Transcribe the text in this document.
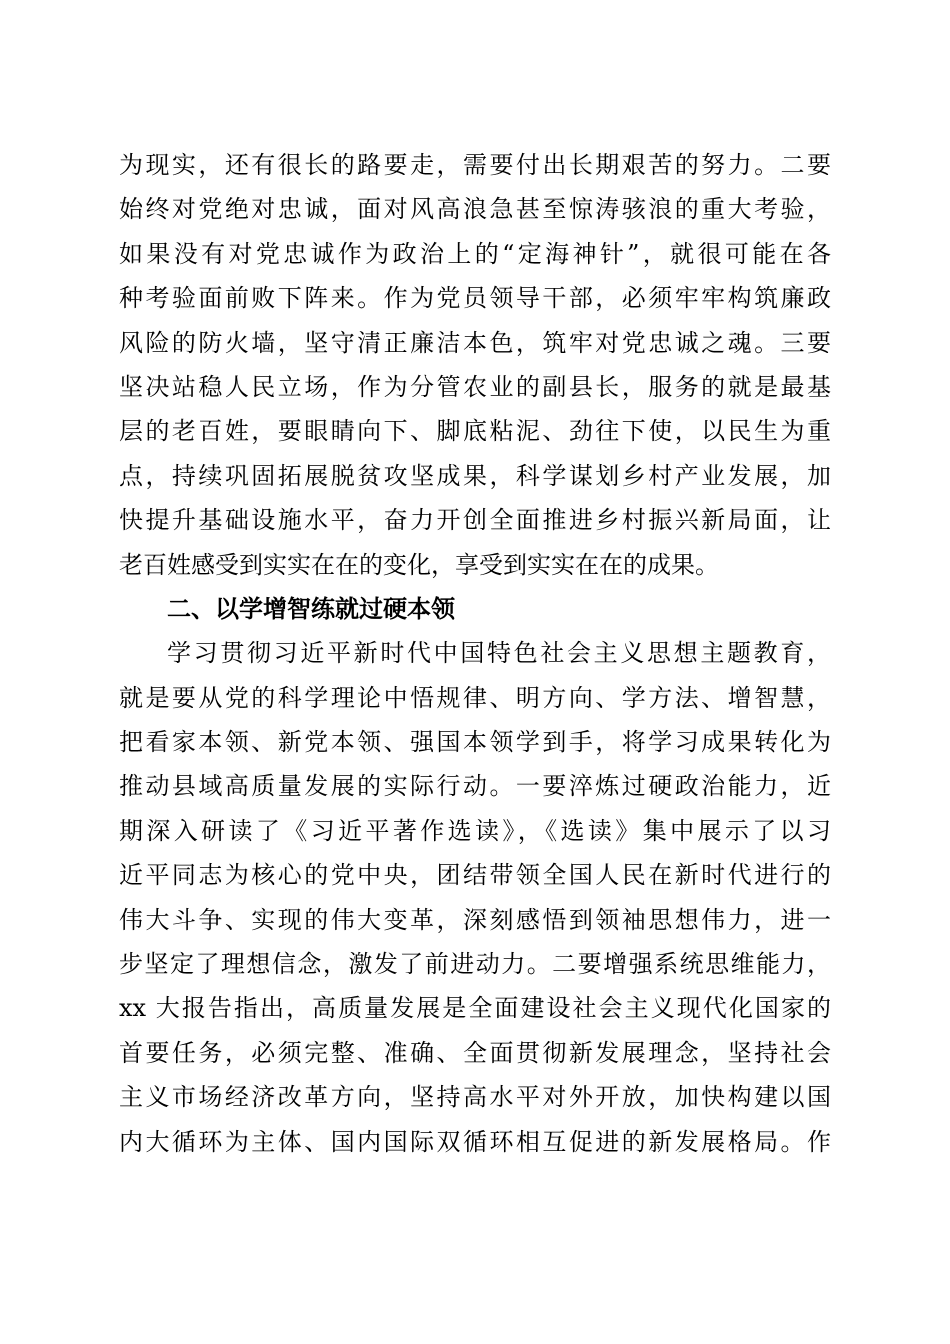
为现实，还有很长的路要走，需要付出长期艰苦的努力。二要
始终对党绝对忠诚，面对风高浪急甚至惊涛骇浪的重大考验，
如果没有对党忠诚作为政治上的“定海神针”，就很可能在各
种考验面前败下阵来。作为党员领导干部，必须牢牢构筑廉政
风险的防火墙，坚守清正廉洁本色，筑牢对党忠诚之魂。三要
坚决站稳人民立场，作为分管农业的副县长，服务的就是最基
层的老百姓，要眼睛向下、脚底粘泥、劲往下使，以民生为重
点，持续巩固拓展脱贫攻坚成果，科学谋划乡村产业发展，加
快提升基础设施水平，奋力开创全面推进乡村振兴新局面，让
老百姓感受到实实在在的变化，享受到实实在在的成果。
二、以学增智练就过硬本领
学习贯彻习近平新时代中国特色社会主义思想主题教育，
就是要从党的科学理论中悟规律、明方向、学方法、增智慧，
把看家本领、新党本领、强国本领学到手，将学习成果转化为
推动县域高质量发展的实际行动。一要淬炼过硬政治能力，近
期深入研读了《习近平著作选读》，《选读》集中展示了以习
近平同志为核心的党中央，团结带领全国人民在新时代进行的
伟大斗争、实现的伟大变革，深刻感悟到领袖思想伟力，进一
步坚定了理想信念，激发了前进动力。二要增强系统思维能力，
xx 大报告指出，高质量发展是全面建设社会主义现代化国家的
首要任务，必须完整、准确、全面贯彻新发展理念，坚持社会
主义市场经济改革方向，坚持高水平对外开放，加快构建以国
内大循环为主体、国内国际双循环相互促进的新发展格局。作
